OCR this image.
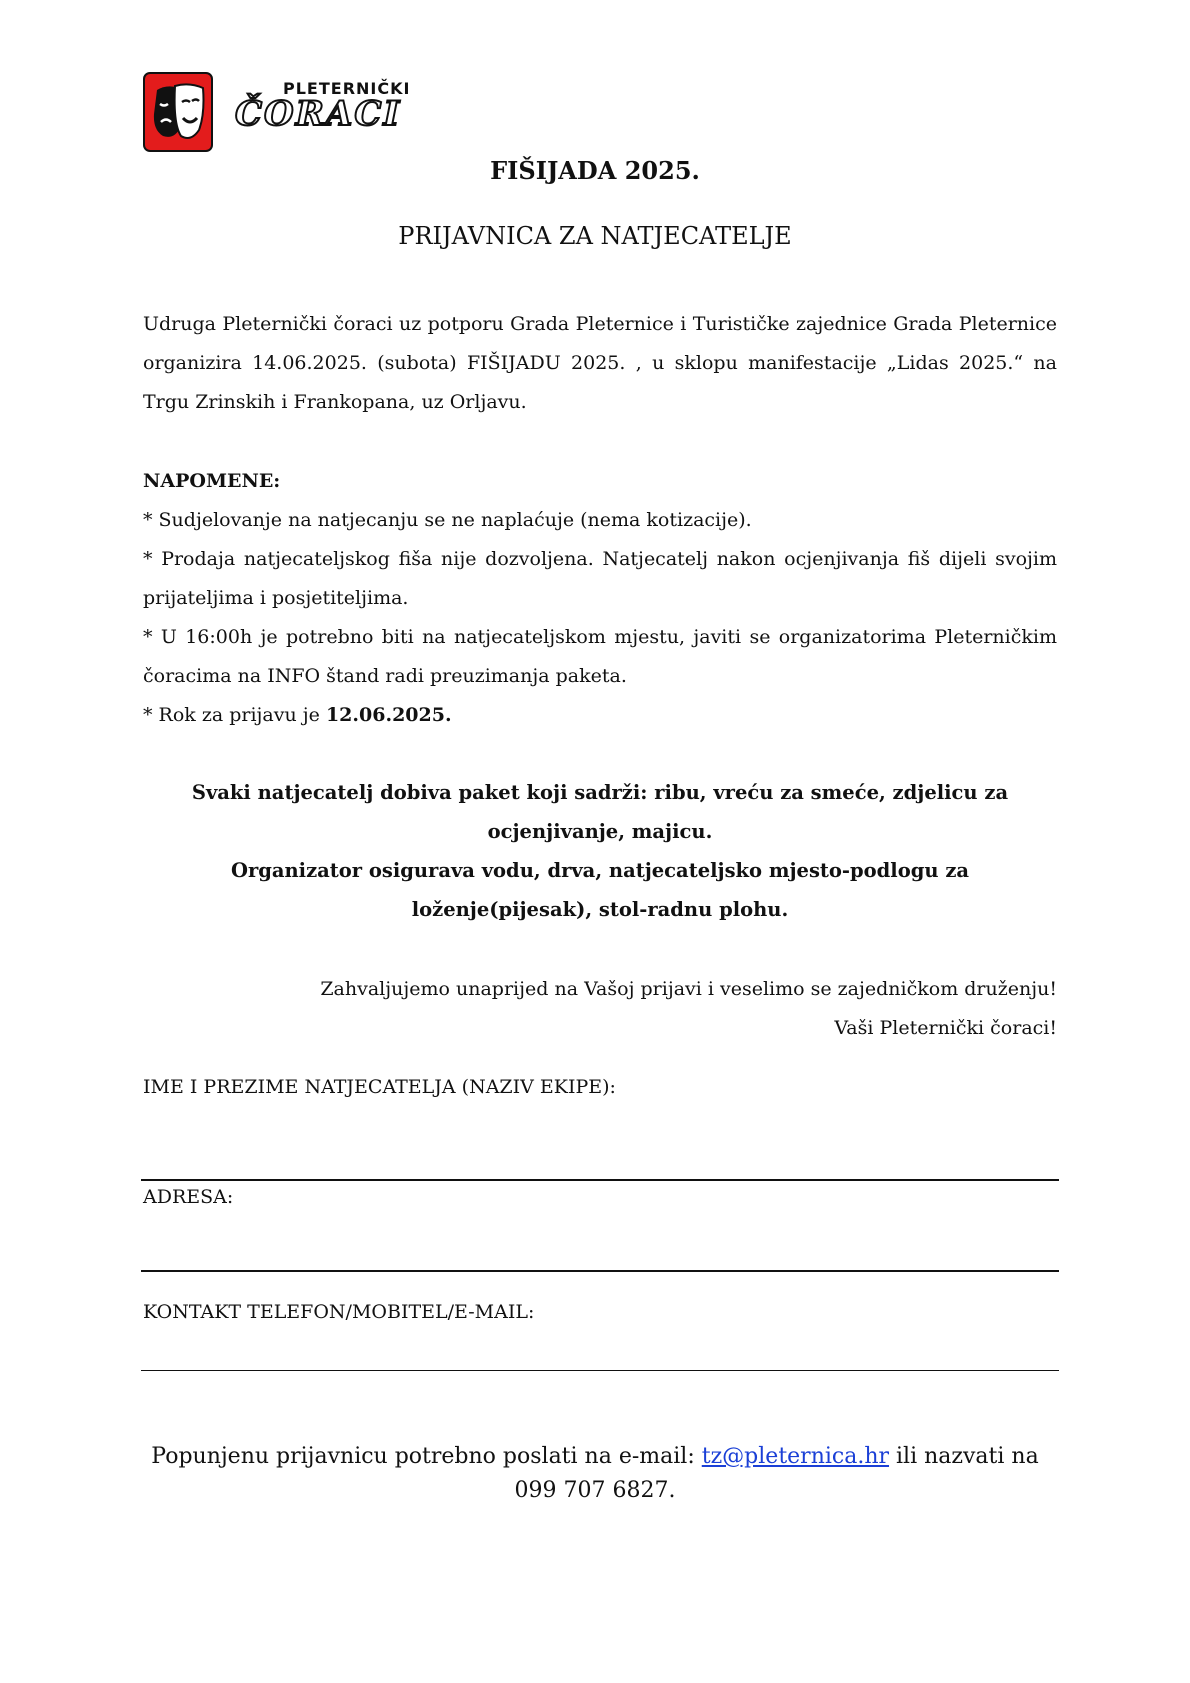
PLETERNIČKI
ČORACI
FIŠIJADA 2025.
PRIJAVNICA ZA NATJECATELJE
Udruga Pleternički čoraci uz potporu Grada Pleternice i Turističke zajednice Grada Pleternice organizira 14.06.2025. (subota) FIŠIJADU 2025. , u sklopu manifestacije „Lidas 2025.“ na Trgu Zrinskih i Frankopana, uz Orljavu.
NAPOMENE:
* Sudjelovanje na natjecanju se ne naplaćuje (nema kotizacije).
* Prodaja natjecateljskog fiša nije dozvoljena. Natjecatelj nakon ocjenjivanja fiš dijeli svojim prijateljima i posjetiteljima.
* U 16:00h je potrebno biti na natjecateljskom mjestu, javiti se organizatorima Pleterničkim čoracima na INFO štand radi preuzimanja paketa.
* Rok za prijavu je 12.06.2025.
Svaki natjecatelj dobiva paket koji sadrži: ribu, vreću za smeće, zdjelicu za ocjenjivanje, majicu.
Organizator osigurava vodu, drva, natjecateljsko mjesto-podlogu za loženje(pijesak), stol-radnu plohu.
Zahvaljujemo unaprijed na Vašoj prijavi i veselimo se zajedničkom druženju!
Vaši Pleternički čoraci!
IME I PREZIME NATJECATELJA (NAZIV EKIPE):
ADRESA:
KONTAKT TELEFON/MOBITEL/E-MAIL:
Popunjenu prijavnicu potrebno poslati na e-mail: tz@pleternica.hr ili nazvati na 099 707 6827.
